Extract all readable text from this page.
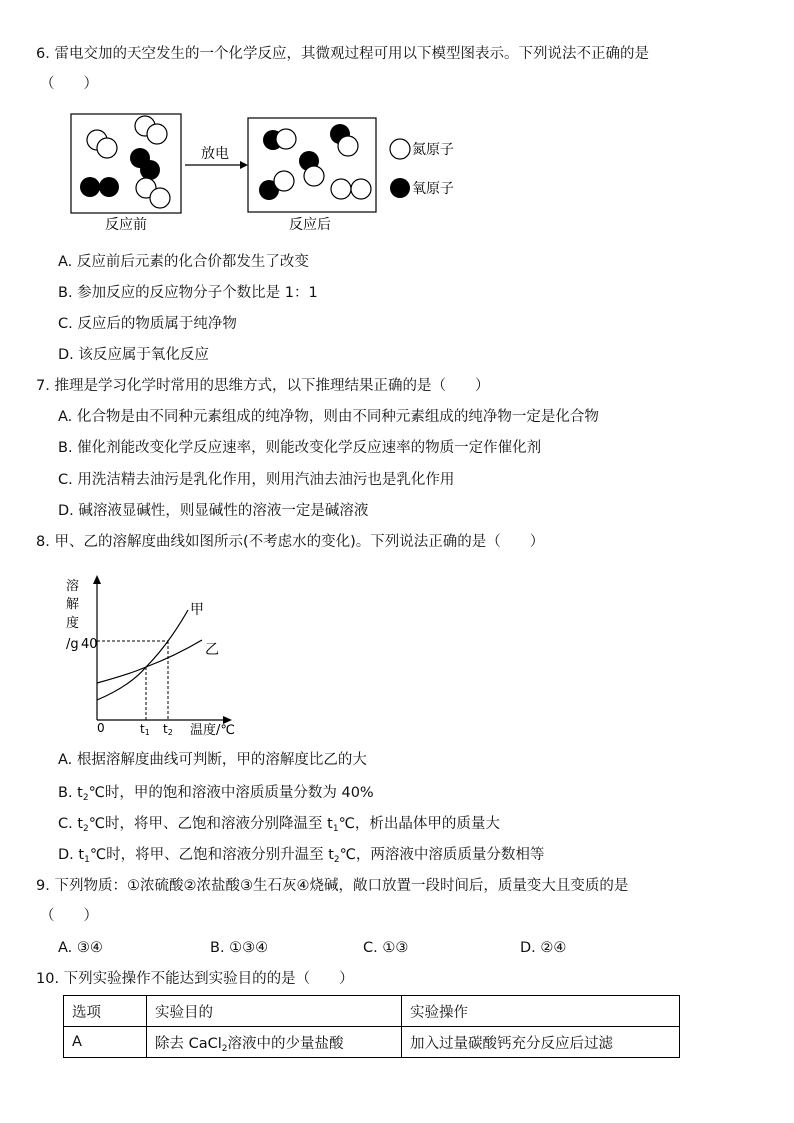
6. 雷电交加的天空发生的一个化学反应，其微观过程可用以下模型图表示。下列说法不正确的是
（　　）
反应前
放电
反应后
氮原子
氧原子
A. 反应前后元素的化合价都发生了改变
B. 参加反应的反应物分子个数比是 1：1
C. 反应后的物质属于纯净物
D. 该反应属于氧化反应
7. 推理是学习化学时常用的思维方式，以下推理结果正确的是（　　）
A. 化合物是由不同种元素组成的纯净物，则由不同种元素组成的纯净物一定是化合物
B. 催化剂能改变化学反应速率，则能改变化学反应速率的物质一定作催化剂
C. 用洗洁精去油污是乳化作用，则用汽油去油污也是乳化作用
D. 碱溶液显碱性，则显碱性的溶液一定是碱溶液
8. 甲、乙的溶解度曲线如图所示(不考虑水的变化)。下列说法正确的是（　　）
溶
解
度
/g 40
0	t1 t2 温度/℃
甲
乙
A. 根据溶解度曲线可判断，甲的溶解度比乙的大
B. $t_2℃$时，甲的饱和溶液中溶质质量分数为 40%
C. $t_2℃$时，将甲、乙饱和溶液分别降温至 $t_1℃$，析出晶体甲的质量大
D. $t_1℃$时，将甲、乙饱和溶液分别升温至 $t_2℃$，两溶液中溶质质量分数相等
9. 下列物质：①浓硫酸②浓盐酸③生石灰④烧碱，敞口放置一段时间后，质量变大且变质的是
（　　）
A. ③④	B. ①③④	C. ①③	D. ②④
10. 下列实验操作不能达到实验目的的是（　　）
选项	实验目的	实验操作
A	除去 CaCl$_2$溶液中的少量盐酸	加入过量碳酸钙充分反应后过滤
